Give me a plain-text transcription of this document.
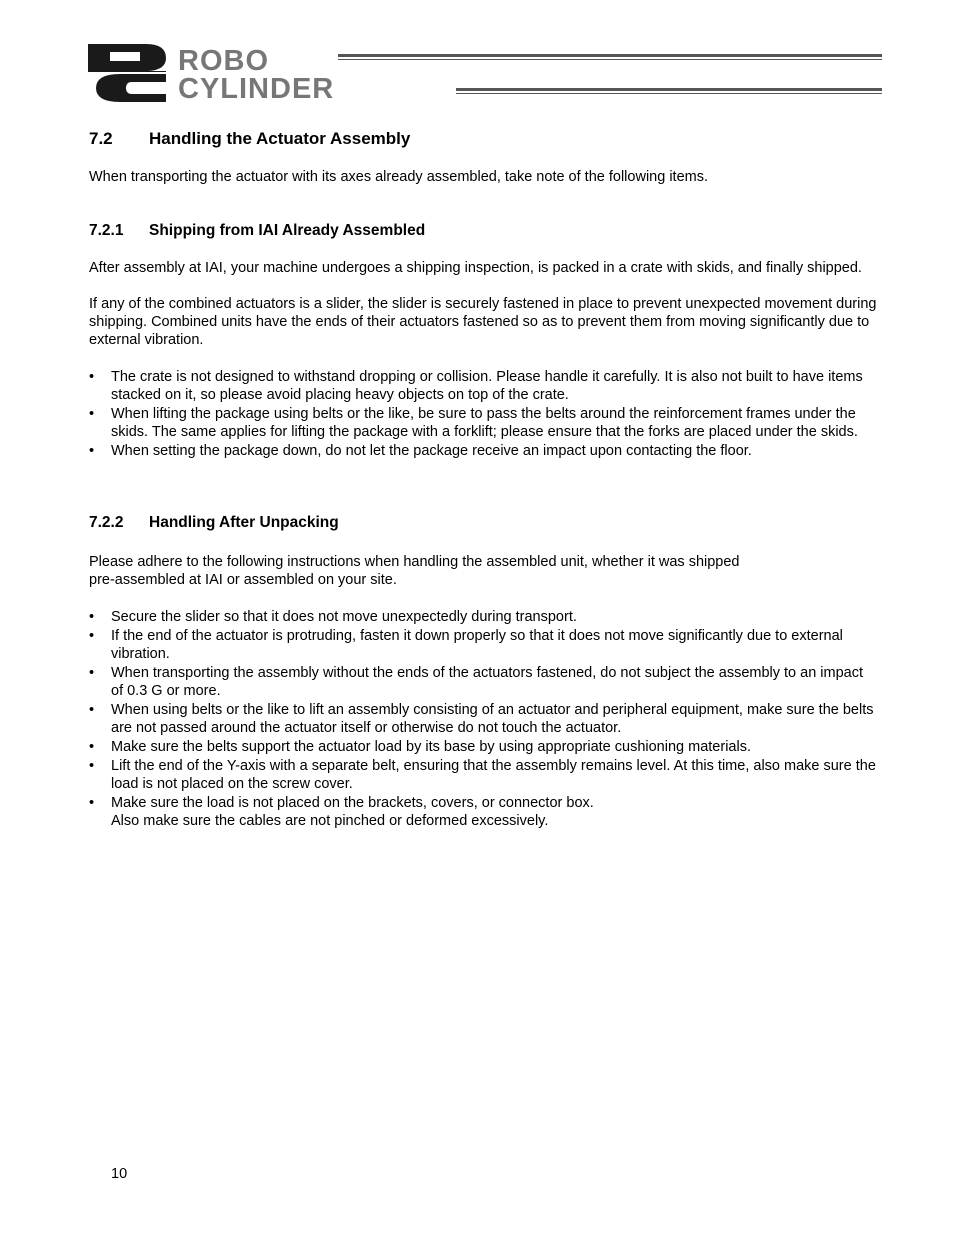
ROBO
CYLINDER
7.2 Handling the Actuator Assembly

When transporting the actuator with its axes already assembled, take note of the following items.

7.2.1 Shipping from IAI Already Assembled

After assembly at IAI, your machine undergoes a shipping inspection, is packed in a crate with skids, and finally shipped.

If any of the combined actuators is a slider, the slider is securely fastened in place to prevent unexpected movement during shipping. Combined units have the ends of their actuators fastened so as to prevent them from moving significantly due to external vibration.

• The crate is not designed to withstand dropping or collision. Please handle it carefully. It is also not built to have items stacked on it, so please avoid placing heavy objects on top of the crate.
• When lifting the package using belts or the like, be sure to pass the belts around the reinforcement frames under the skids. The same applies for lifting the package with a forklift; please ensure that the forks are placed under the skids.
• When setting the package down, do not let the package receive an impact upon contacting the floor.
7.2.2 Handling After Unpacking

Please adhere to the following instructions when handling the assembled unit, whether it was shipped
pre-assembled at IAI or assembled on your site.

• Secure the slider so that it does not move unexpectedly during transport.
• If the end of the actuator is protruding, fasten it down properly so that it does not move significantly due to external vibration.
• When transporting the assembly without the ends of the actuators fastened, do not subject the assembly to an impact of 0.3 G or more.
• When using belts or the like to lift an assembly consisting of an actuator and peripheral equipment, make sure the belts are not passed around the actuator itself or otherwise do not touch the actuator.
• Make sure the belts support the actuator load by its base by using appropriate cushioning materials.
• Lift the end of the Y-axis with a separate belt, ensuring that the assembly remains level. At this time, also make sure the load is not placed on the screw cover.
• Make sure the load is not placed on the brackets, covers, or connector box.
Also make sure the cables are not pinched or deformed excessively.
10
